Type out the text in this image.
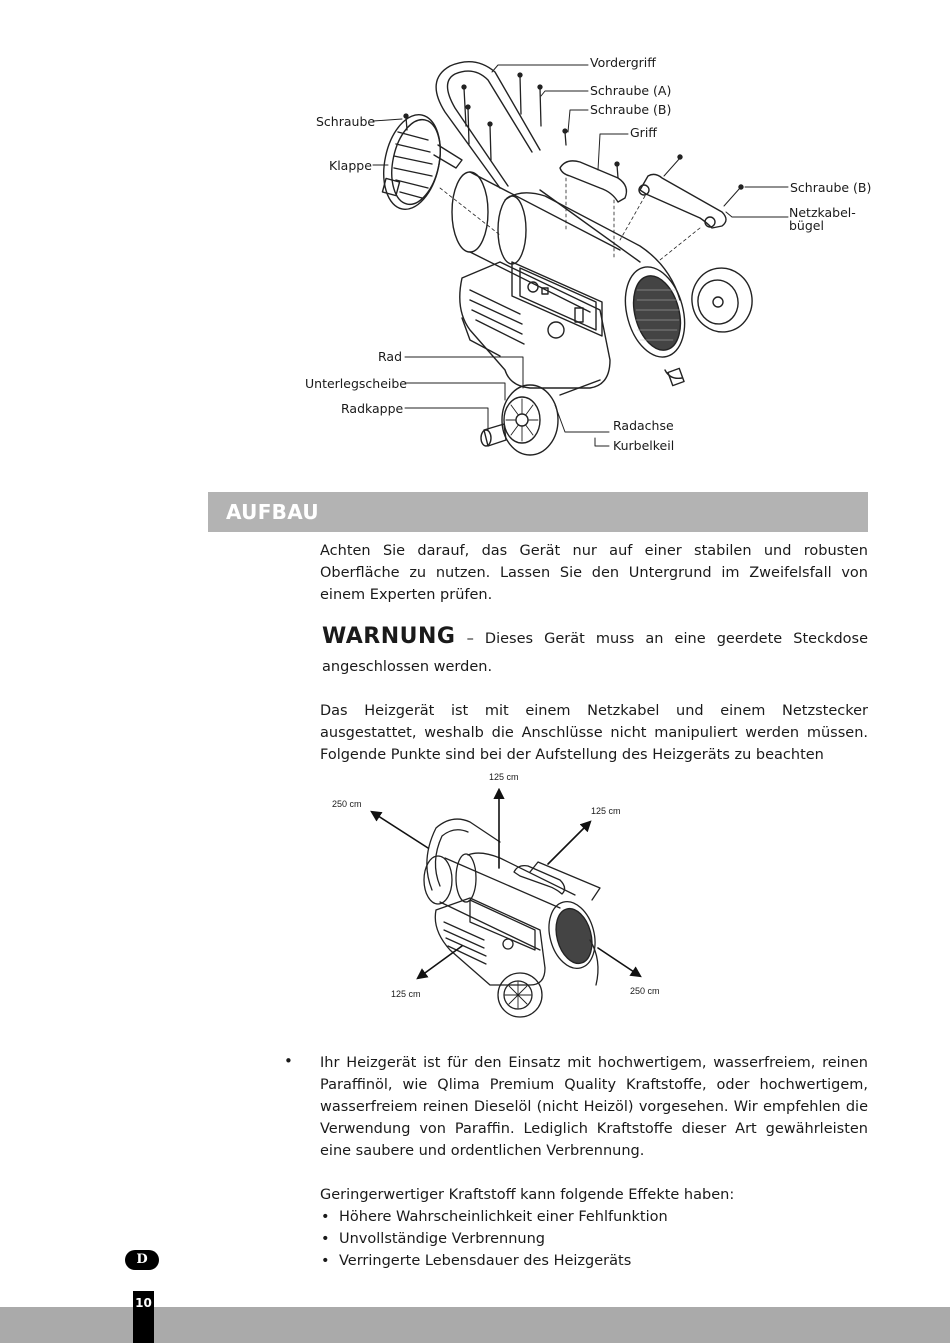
Vordergriff
Schraube (A)
Schraube (B)
Griff
Schraube
Klappe
Schraube (B)
Netzkabel-
bügel
Rad
Unterlegscheibe
Radkappe
Radachse
Kurbelkeil
AUFBAU
Achten Sie darauf, das Gerät nur auf einer stabilen und robusten Oberfläche zu nutzen. Lassen Sie den Untergrund im Zweifelsfall von einem Experten prüfen.
WARNUNG – Dieses Gerät muss an eine geerdete Steckdose angeschlossen werden.
Das Heizgerät ist mit einem Netzkabel und einem Netzstecker ausgestattet, weshalb die Anschlüsse nicht manipuliert werden müssen. Folgende Punkte sind bei der Aufstellung des Heizgeräts zu beachten
125 cm
250 cm
125 cm
125 cm	250 cm
• Ihr Heizgerät ist für den Einsatz mit hochwertigem, wasserfreiem, reinen Paraffinöl, wie Qlima Premium Quality Kraftstoffe, oder hochwertigem, wasserfreiem reinen Dieselöl (nicht Heizöl) vorgesehen. Wir empfehlen die Verwendung von Paraffin. Lediglich Kraftstoffe dieser Art gewährleisten eine saubere und ordentlichen Verbrennung.
Geringerwertiger Kraftstoff kann folgende Effekte haben:
• Höhere Wahrscheinlichkeit einer Fehlfunktion
• Unvollständige Verbrennung
• Verringerte Lebensdauer des Heizgeräts
D
10
